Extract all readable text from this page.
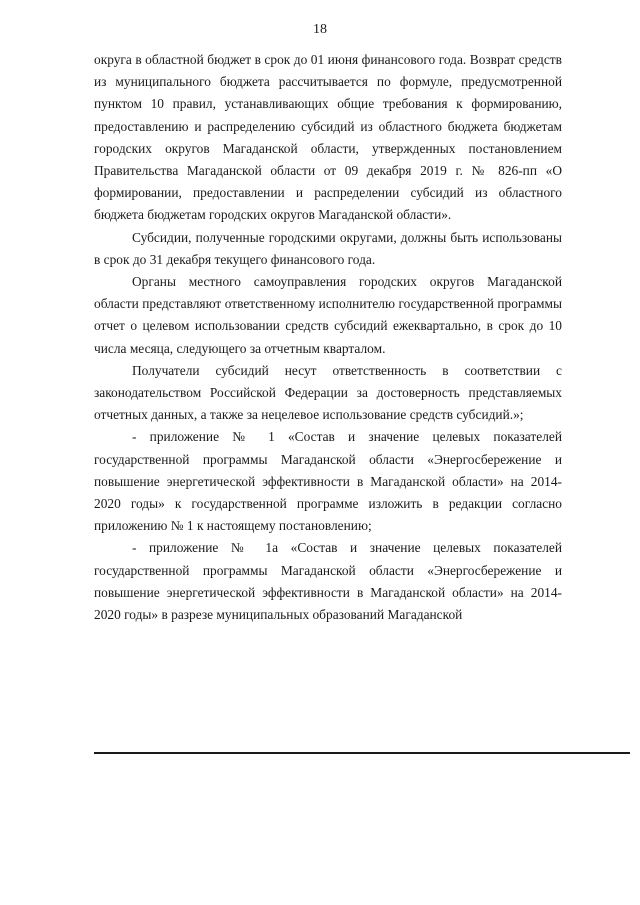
18

округа в областной бюджет в срок до 01 июня финансового года. Возврат средств из муниципального бюджета рассчитывается по формуле, предусмотренной пунктом 10 правил, устанавливающих общие требования к формированию, предоставлению и распределению субсидий из областного бюджета бюджетам городских округов Магаданской области, утвержденных постановлением Правительства Магаданской области от 09 декабря 2019 г. № 826-пп «О формировании, предоставлении и распределении субсидий из областного бюджета бюджетам городских округов Магаданской области».

Субсидии, полученные городскими округами, должны быть использованы в срок до 31 декабря текущего финансового года.

Органы местного самоуправления городских округов Магаданской области представляют ответственному исполнителю государственной программы отчет о целевом использовании средств субсидий ежеквартально, в срок до 10 числа месяца, следующего за отчетным кварталом.

Получатели субсидий несут ответственность в соответствии с законодательством Российской Федерации за достоверность представляемых отчетных данных, а также за нецелевое использование средств субсидий.»;

- приложение № 1 «Состав и значение целевых показателей государственной программы Магаданской области «Энергосбережение и повышение энергетической эффективности в Магаданской области» на 2014-2020 годы» к государственной программе изложить в редакции согласно приложению № 1 к настоящему постановлению;

- приложение № 1а «Состав и значение целевых показателей государственной программы Магаданской области «Энергосбережение и повышение энергетической эффективности в Магаданской области» на 2014-2020 годы» в разрезе муниципальных образований Магаданской
